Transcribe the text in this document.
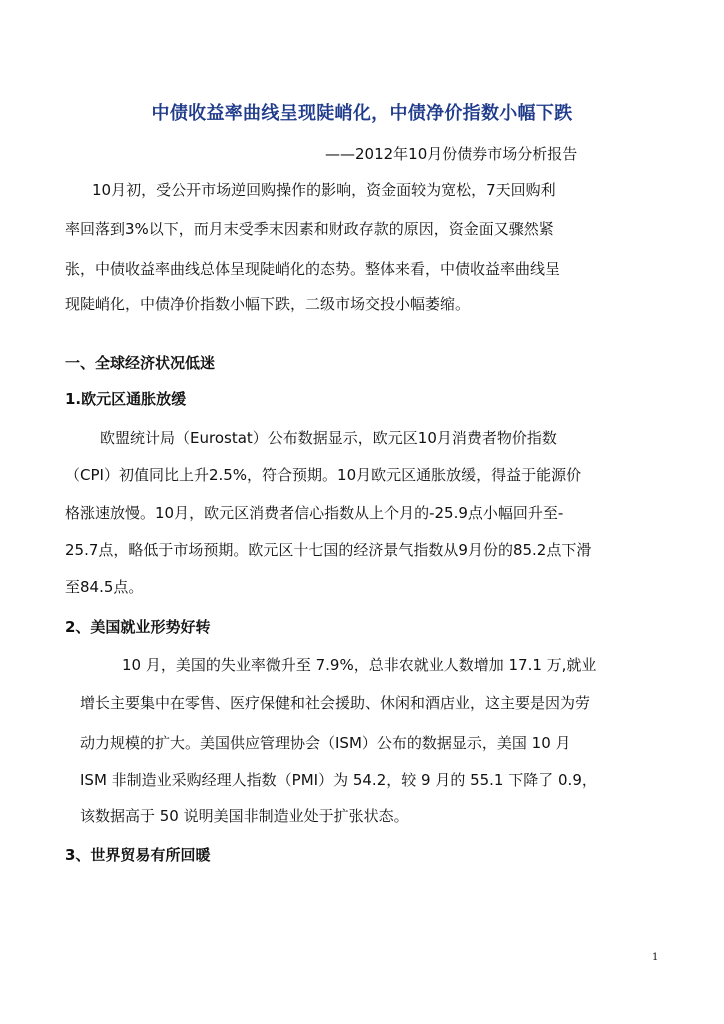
中债收益率曲线呈现陡峭化，中债净价指数小幅下跌
——2012年10月份债券市场分析报告
10月初，受公开市场逆回购操作的影响，资金面较为宽松，7天回购利
率回落到3%以下，而月末受季末因素和财政存款的原因，资金面又骤然紧
张，中债收益率曲线总体呈现陡峭化的态势。整体来看，中债收益率曲线呈
现陡峭化，中债净价指数小幅下跌，二级市场交投小幅萎缩。
一、全球经济状况低迷
1.欧元区通胀放缓
欧盟统计局（Eurostat）公布数据显示，欧元区10月消费者物价指数
（CPI）初值同比上升2.5%，符合预期。10月欧元区通胀放缓，得益于能源价
格涨速放慢。10月，欧元区消费者信心指数从上个月的-25.9点小幅回升至-
25.7点，略低于市场预期。欧元区十七国的经济景气指数从9月份的85.2点下滑
至84.5点。
2、美国就业形势好转
10 月，美国的失业率微升至 7.9%，总非农就业人数增加 17.1 万,就业
增长主要集中在零售、医疗保健和社会援助、休闲和酒店业，这主要是因为劳
动力规模的扩大。美国供应管理协会（ISM）公布的数据显示，美国 10 月
ISM 非制造业采购经理人指数（PMI）为 54.2，较 9 月的 55.1 下降了 0.9，
该数据高于 50 说明美国非制造业处于扩张状态。
3、世界贸易有所回暖
1
